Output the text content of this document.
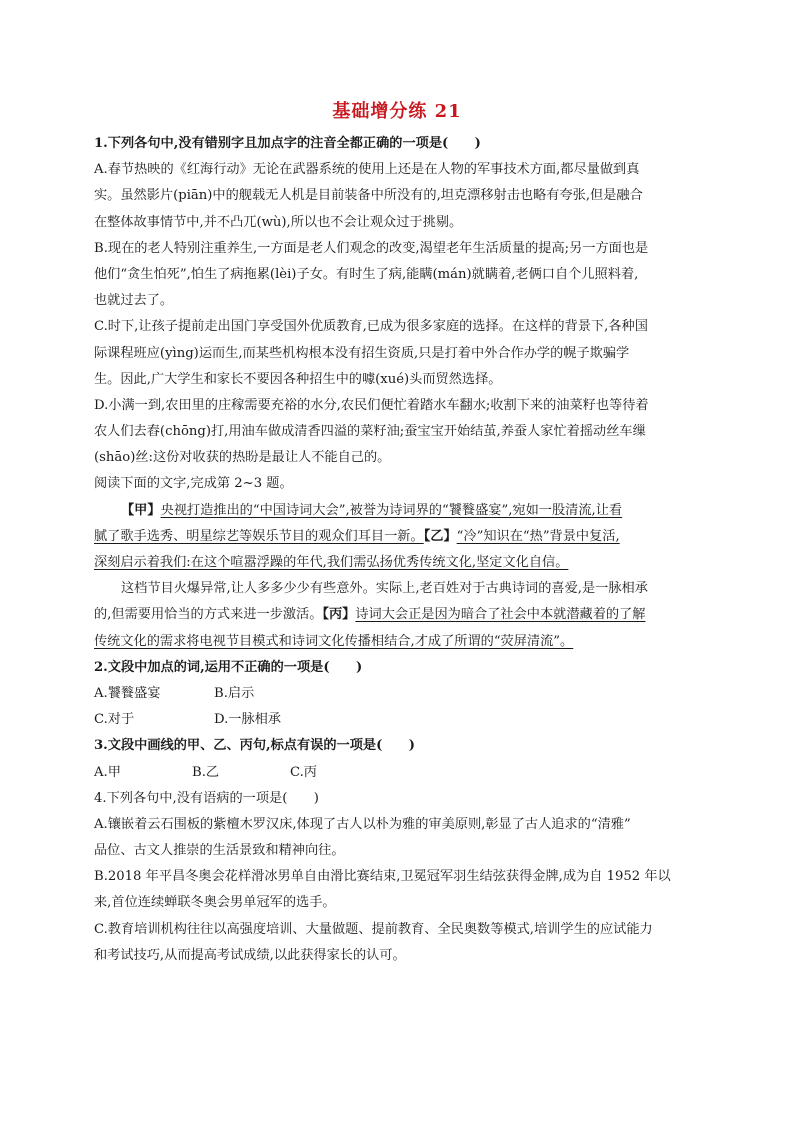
基础增分练 21
1.下列各句中,没有错别字且加点字的注音全都正确的一项是(　　)
A.春节热映的《红海行动》无论在武器系统的使用上还是在人物的军事技术方面,都尽量做到真
实。虽然影片(piān)中的舰载无人机是目前装备中所没有的,坦克漂移射击也略有夸张,但是融合
在整体故事情节中,并不凸兀(wù),所以也不会让观众过于挑剔。
B.现在的老人特别注重养生,一方面是老人们观念的改变,渴望老年生活质量的提高;另一方面也是
他们“贪生怕死”,怕生了病拖累(lèi)子女。有时生了病,能瞒(mán)就瞒着,老俩口自个儿照料着,
也就过去了。
C.时下,让孩子提前走出国门享受国外优质教育,已成为很多家庭的选择。在这样的背景下,各种国
际课程班应(yìng)运而生,而某些机构根本没有招生资质,只是打着中外合作办学的幌子欺骗学
生。因此,广大学生和家长不要因各种招生中的噱(xué)头而贸然选择。
D.小满一到,农田里的庄稼需要充裕的水分,农民们便忙着踏水车翻水;收割下来的油菜籽也等待着
农人们去舂(chōng)打,用油车做成清香四溢的菜籽油;蚕宝宝开始结茧,养蚕人家忙着摇动丝车缫
(shāo)丝:这份对收获的热盼是最让人不能自己的。
阅读下面的文字,完成第 2~3 题。
【甲】央视打造推出的“中国诗词大会”,被誉为诗词界的“饕餮盛宴”,宛如一股清流,让看
腻了歌手选秀、明星综艺等娱乐节目的观众们耳目一新。【乙】“冷”知识在“热”背景中复活,
深刻启示着我们:在这个喧嚣浮躁的年代,我们需弘扬优秀传统文化,坚定文化自信。
这档节目火爆异常,让人多多少少有些意外。实际上,老百姓对于古典诗词的喜爱,是一脉相承
的,但需要用恰当的方式来进一步激活。【丙】诗词大会正是因为暗合了社会中本就潜藏着的了解
传统文化的需求将电视节目模式和诗词文化传播相结合,才成了所谓的“荧屏清流”。
2.文段中加点的词,运用不正确的一项是(　　)
A.饕餮盛宴	B.启示
C.对于	D.一脉相承
3.文段中画线的甲、乙、丙句,标点有误的一项是(　　)
A.甲	B.乙	C.丙
4.下列各句中,没有语病的一项是(　　)
A.镶嵌着云石围板的紫檀木罗汉床,体现了古人以朴为雅的审美原则,彰显了古人追求的“清雅”
品位、古文人推崇的生活景致和精神向往。
B.2018 年平昌冬奥会花样滑冰男单自由滑比赛结束,卫冕冠军羽生结弦获得金牌,成为自 1952 年以
来,首位连续蝉联冬奥会男单冠军的选手。
C.教育培训机构往往以高强度培训、大量做题、提前教育、全民奥数等模式,培训学生的应试能力
和考试技巧,从而提高考试成绩,以此获得家长的认可。
